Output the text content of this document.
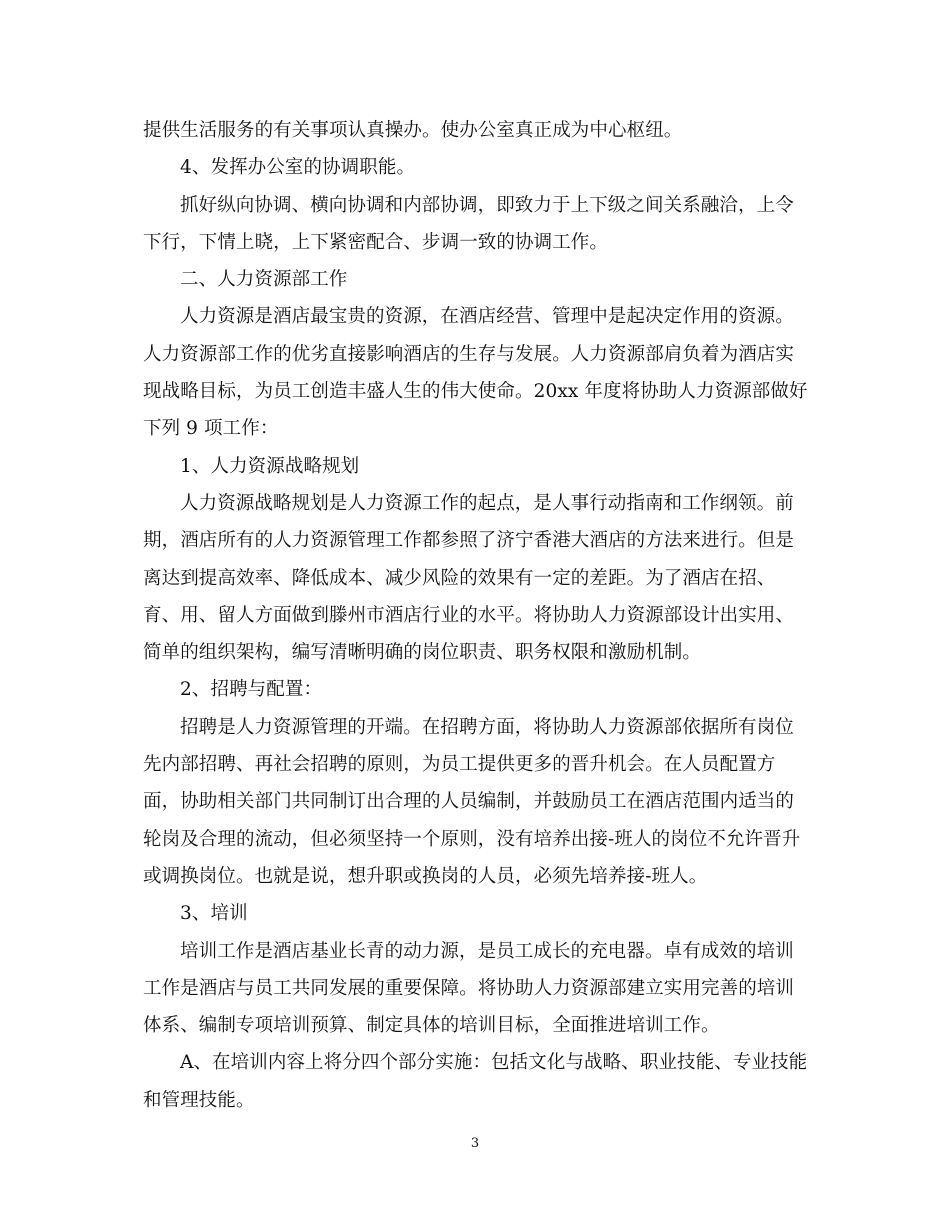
提供生活服务的有关事项认真操办。使办公室真正成为中心枢纽。
4、发挥办公室的协调职能。
抓好纵向协调、横向协调和内部协调，即致力于上下级之间关系融洽，上令
下行，下情上晓，上下紧密配合、步调一致的协调工作。
二、人力资源部工作
人力资源是酒店最宝贵的资源，在酒店经营、管理中是起决定作用的资源。
人力资源部工作的优劣直接影响酒店的生存与发展。人力资源部肩负着为酒店实
现战略目标，为员工创造丰盛人生的伟大使命。20xx 年度将协助人力资源部做好
下列 9 项工作：
1、人力资源战略规划
人力资源战略规划是人力资源工作的起点，是人事行动指南和工作纲领。前
期，酒店所有的人力资源管理工作都参照了济宁香港大酒店的方法来进行。但是
离达到提高效率、降低成本、减少风险的效果有一定的差距。为了酒店在招、
育、用、留人方面做到滕州市酒店行业的水平。将协助人力资源部设计出实用、
简单的组织架构，编写清晰明确的岗位职责、职务权限和激励机制。
2、招聘与配置：
招聘是人力资源管理的开端。在招聘方面，将协助人力资源部依据所有岗位
先内部招聘、再社会招聘的原则，为员工提供更多的晋升机会。在人员配置方
面，协助相关部门共同制订出合理的人员编制，并鼓励员工在酒店范围内适当的
轮岗及合理的流动，但必须坚持一个原则，没有培养出接-班人的岗位不允许晋升
或调换岗位。也就是说，想升职或换岗的人员，必须先培养接-班人。
3、培训
培训工作是酒店基业长青的动力源，是员工成长的充电器。卓有成效的培训
工作是酒店与员工共同发展的重要保障。将协助人力资源部建立实用完善的培训
体系、编制专项培训预算、制定具体的培训目标，全面推进培训工作。
A、在培训内容上将分四个部分实施：包括文化与战略、职业技能、专业技能
和管理技能。
3
